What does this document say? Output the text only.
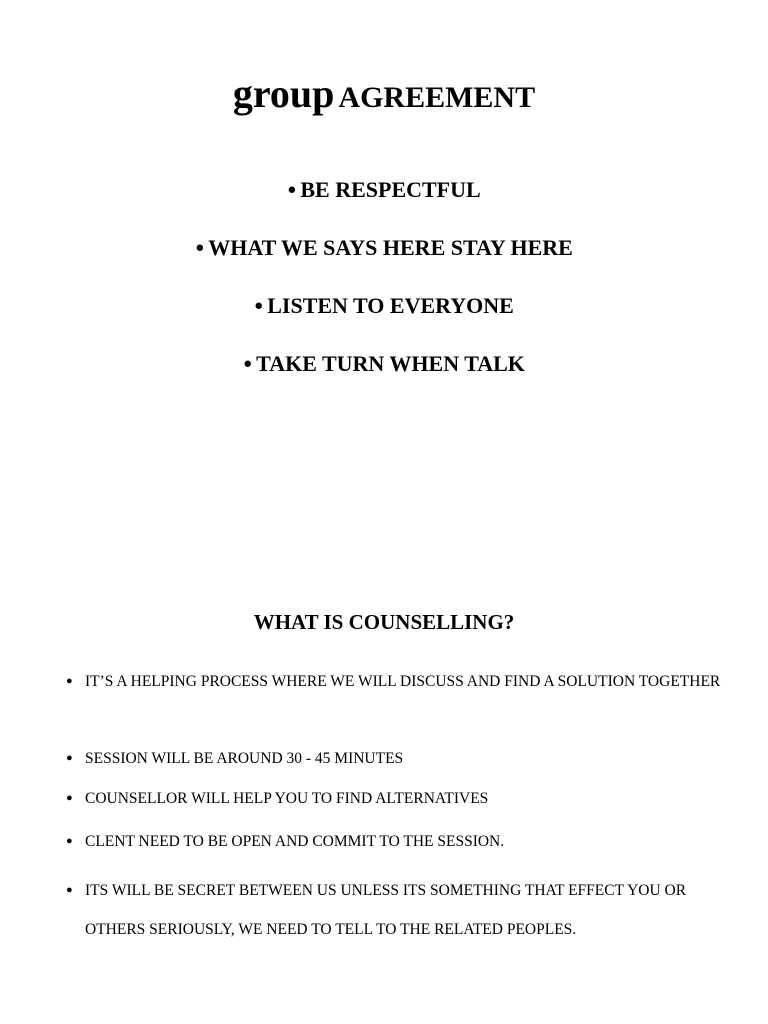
group AGREEMENT
● BE RESPECTFUL
● WHAT WE SAYS HERE STAY HERE
● LISTEN TO EVERYONE
● TAKE TURN WHEN TALK
WHAT IS COUNSELLING?
● IT’S A HELPING PROCESS WHERE WE WILL DISCUSS AND FIND A SOLUTION TOGETHER
● SESSION WILL BE AROUND 30 - 45 MINUTES
● COUNSELLOR WILL HELP YOU TO FIND ALTERNATIVES
● CLENT NEED TO BE OPEN AND COMMIT TO THE SESSION.
● ITS WILL BE SECRET BETWEEN US UNLESS ITS SOMETHING THAT EFFECT YOU OR OTHERS SERIOUSLY, WE NEED TO TELL TO THE RELATED PEOPLES.
